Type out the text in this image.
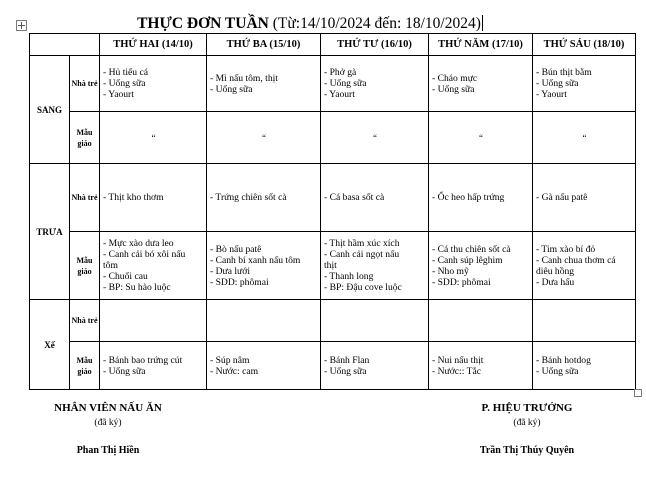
THỰC ĐƠN TUẦN (Từ:14/10/2024 đến: 18/10/2024)
		THỨ HAI (14/10)	THỨ BA (15/10)	THỨ TƯ (16/10)	THỨ NĂM (17/10)	THỨ SÁU (18/10)
SANG	Nhà trẻ	- Hủ tiếu cá
- Uống sữa
- Yaourt	- Mì nấu tôm, thịt
- Uống sữa	- Phở gà
- Uống sữa
- Yaourt	- Cháo mực
- Uống sữa	- Bún thịt bằm
- Uống sữa
- Yaourt

	Mẫu giáo	“	“	“	“	“

TRƯA	Nhà trẻ	- Thịt kho thơm	- Trứng chiên sốt cà	- Cá basa sốt cà	- Ốc heo hấp trứng	- Gà nấu patê

	Mẫu giáo	- Mực xào dưa leo
- Canh cải bó xôi nấu
tôm
- Chuối cau
- BP: Su hào luộc	- Bò nấu patê
- Canh bí xanh nấu tôm
- Dưa lưới
- SDD: phômai	- Thịt hầm xúc xích
- Canh cải ngọt nấu
thịt
- Thanh long
- BP: Đậu cove luộc	- Cá thu chiên sốt cà
- Canh súp lêghim
- Nho mỹ
- SDD: phômai	- Tim xào bí đỏ
- Canh chua thơm cá
diêu hồng
- Dưa hấu

Xế	Nhà trẻ					
	Mẫu giáo	- Bánh bao trứng cút
- Uống sữa	- Súp nâm
- Nước: cam	- Bánh Flan
- Uống sữa	- Nui nấu thịt
- Nước:: Tắc	- Bánh hotdog
- Uống sữa
NHÂN VIÊN NẤU ĂN
(đã ký)
Phan Thị Hiền
P. HIỆU TRƯỞNG
(đã ký)
Trần Thị Thúy Quyên
